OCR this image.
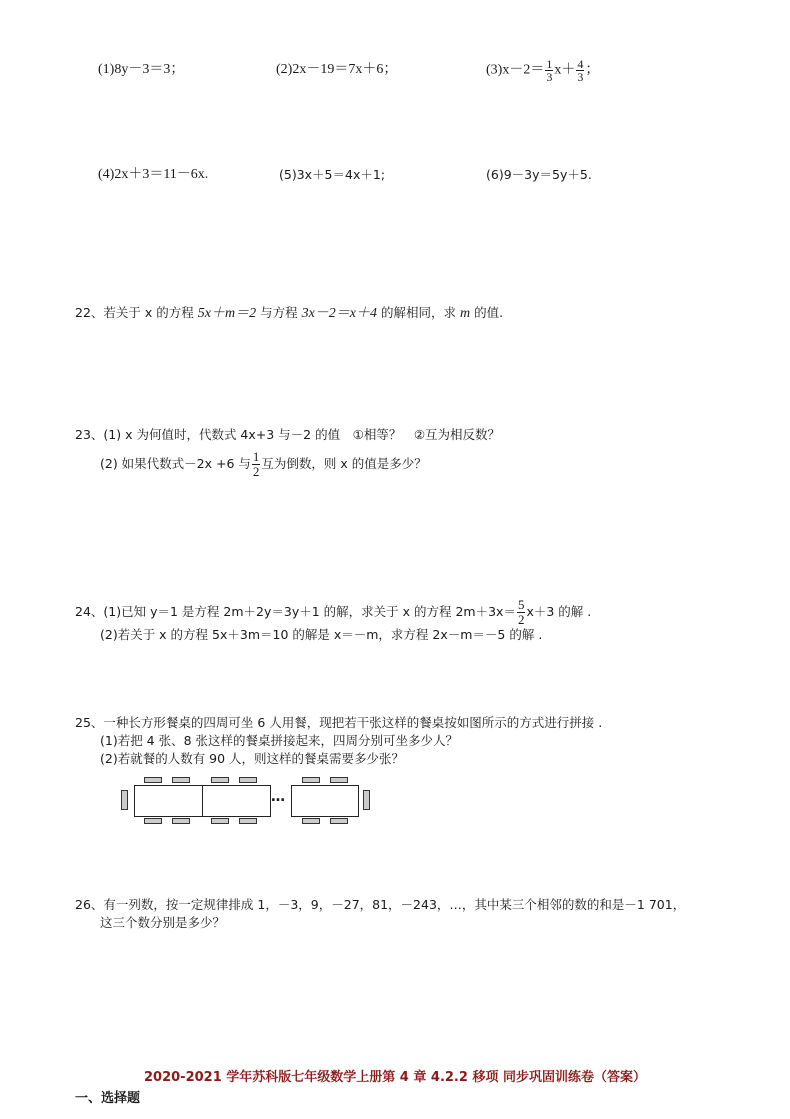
(1)8y－3＝3；	(2)2x－19＝7x＋6；	$(3)x-2= \frac{1}{3} x+ \frac{4}{3}$ ；
(4)2x＋3＝11－6x.	(5)3x＋5＝4x＋1;	(6)9－3y＝5y＋5.
22、若关于 x 的方程 5x＋m＝2 与方程 3x－2＝x＋4 的解相同，求 m 的值.
23、(1) x 为何值时，代数式 4x+3 与－2 的值　①相等？　②互为相反数？
(2) 如果代数式－2x +6 与 $\frac{1}{2}$ 互为倒数，则 x 的值是多少？
24、(1)已知 y＝1 是方程 2m＋2y＝3y＋1 的解，求关于 x 的方程 $2m+3x= \frac{5}{2} x+3$ 的解 .
(2)若关于 x 的方程 5x＋3m＝10 的解是 x＝－m，求方程 2x－m＝－5 的解 .
25、一种长方形餐桌的四周可坐 6 人用餐，现把若干张这样的餐桌按如图所示的方式进行拼接 .
(1)若把 4 张、8 张这样的餐桌拼接起来，四周分别可坐多少人？
(2)若就餐的人数有 90 人，则这样的餐桌需要多少张？
…
26、有一列数，按一定规律排成 1，－3，9，－27，81，－243，…，其中某三个相邻的数的和是－1 701，
这三个数分别是多少？
2020-2021 学年苏科版七年级数学上册第 4 章 4.2.2 移项 同步巩固训练卷（答案）
一、选择题
